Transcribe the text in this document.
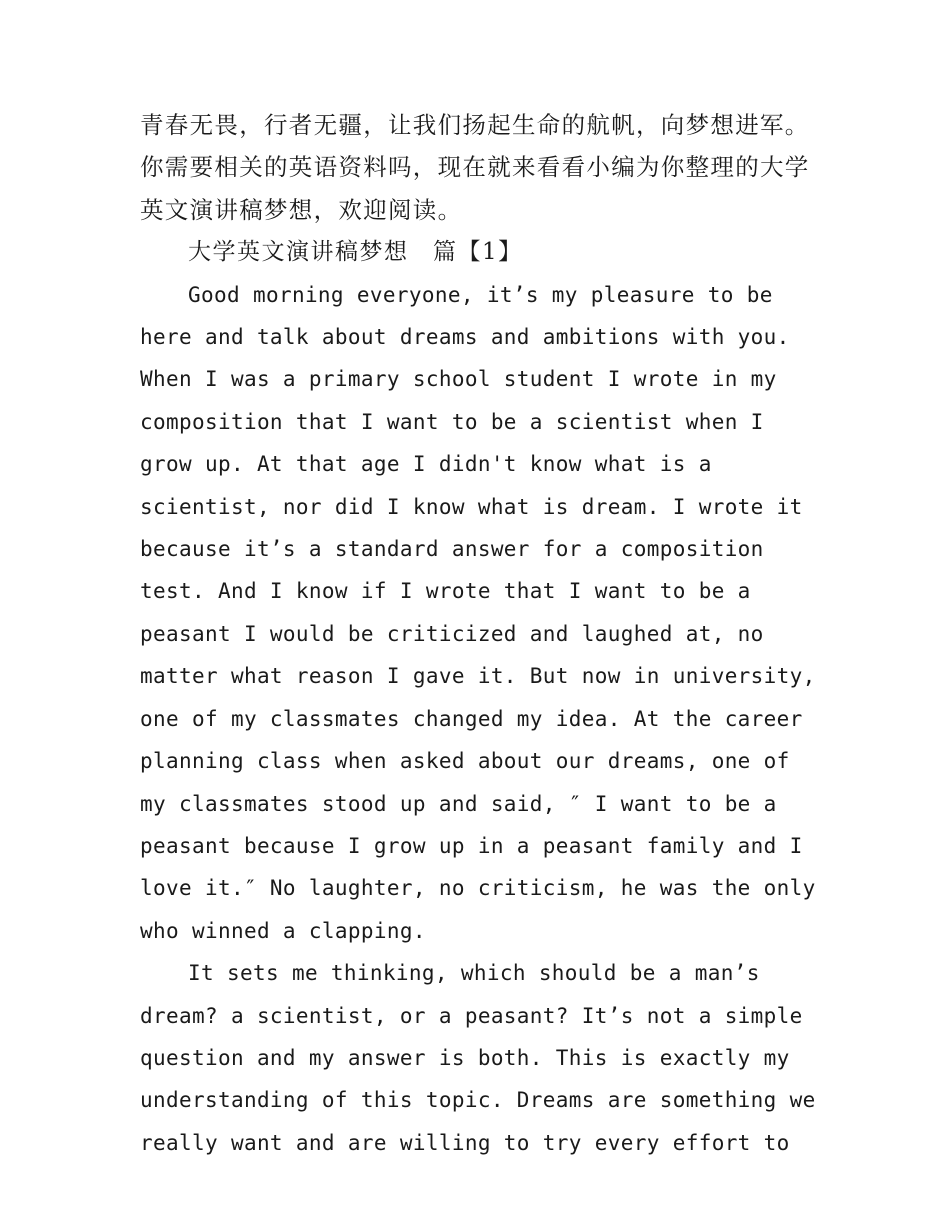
青春无畏，行者无疆，让我们扬起生命的航帆，向梦想进军。你需要相关的英语资料吗，现在就来看看小编为你整理的大学英文演讲稿梦想，欢迎阅读。

大学英文演讲稿梦想　篇【1】

Good morning everyone, it’s my pleasure to be here and talk about dreams and ambitions with you. When I was a primary school student I wrote in my composition that I want to be a scientist when I grow up. At that age I didn't know what is a scientist, nor did I know what is dream. I wrote it because it’s a standard answer for a composition test. And I know if I wrote that I want to be a peasant I would be criticized and laughed at, no matter what reason I gave it. But now in university, one of my classmates changed my idea. At the career planning class when asked about our dreams, one of my classmates stood up and said, ″ I want to be a peasant because I grow up in a peasant family and I love it.″ No laughter, no criticism, he was the only who winned a clapping.

It sets me thinking, which should be a man’s dream? a scientist, or a peasant? It’s not a simple question and my answer is both. This is exactly my understanding of this topic. Dreams are something we really want and are willing to try every effort to
